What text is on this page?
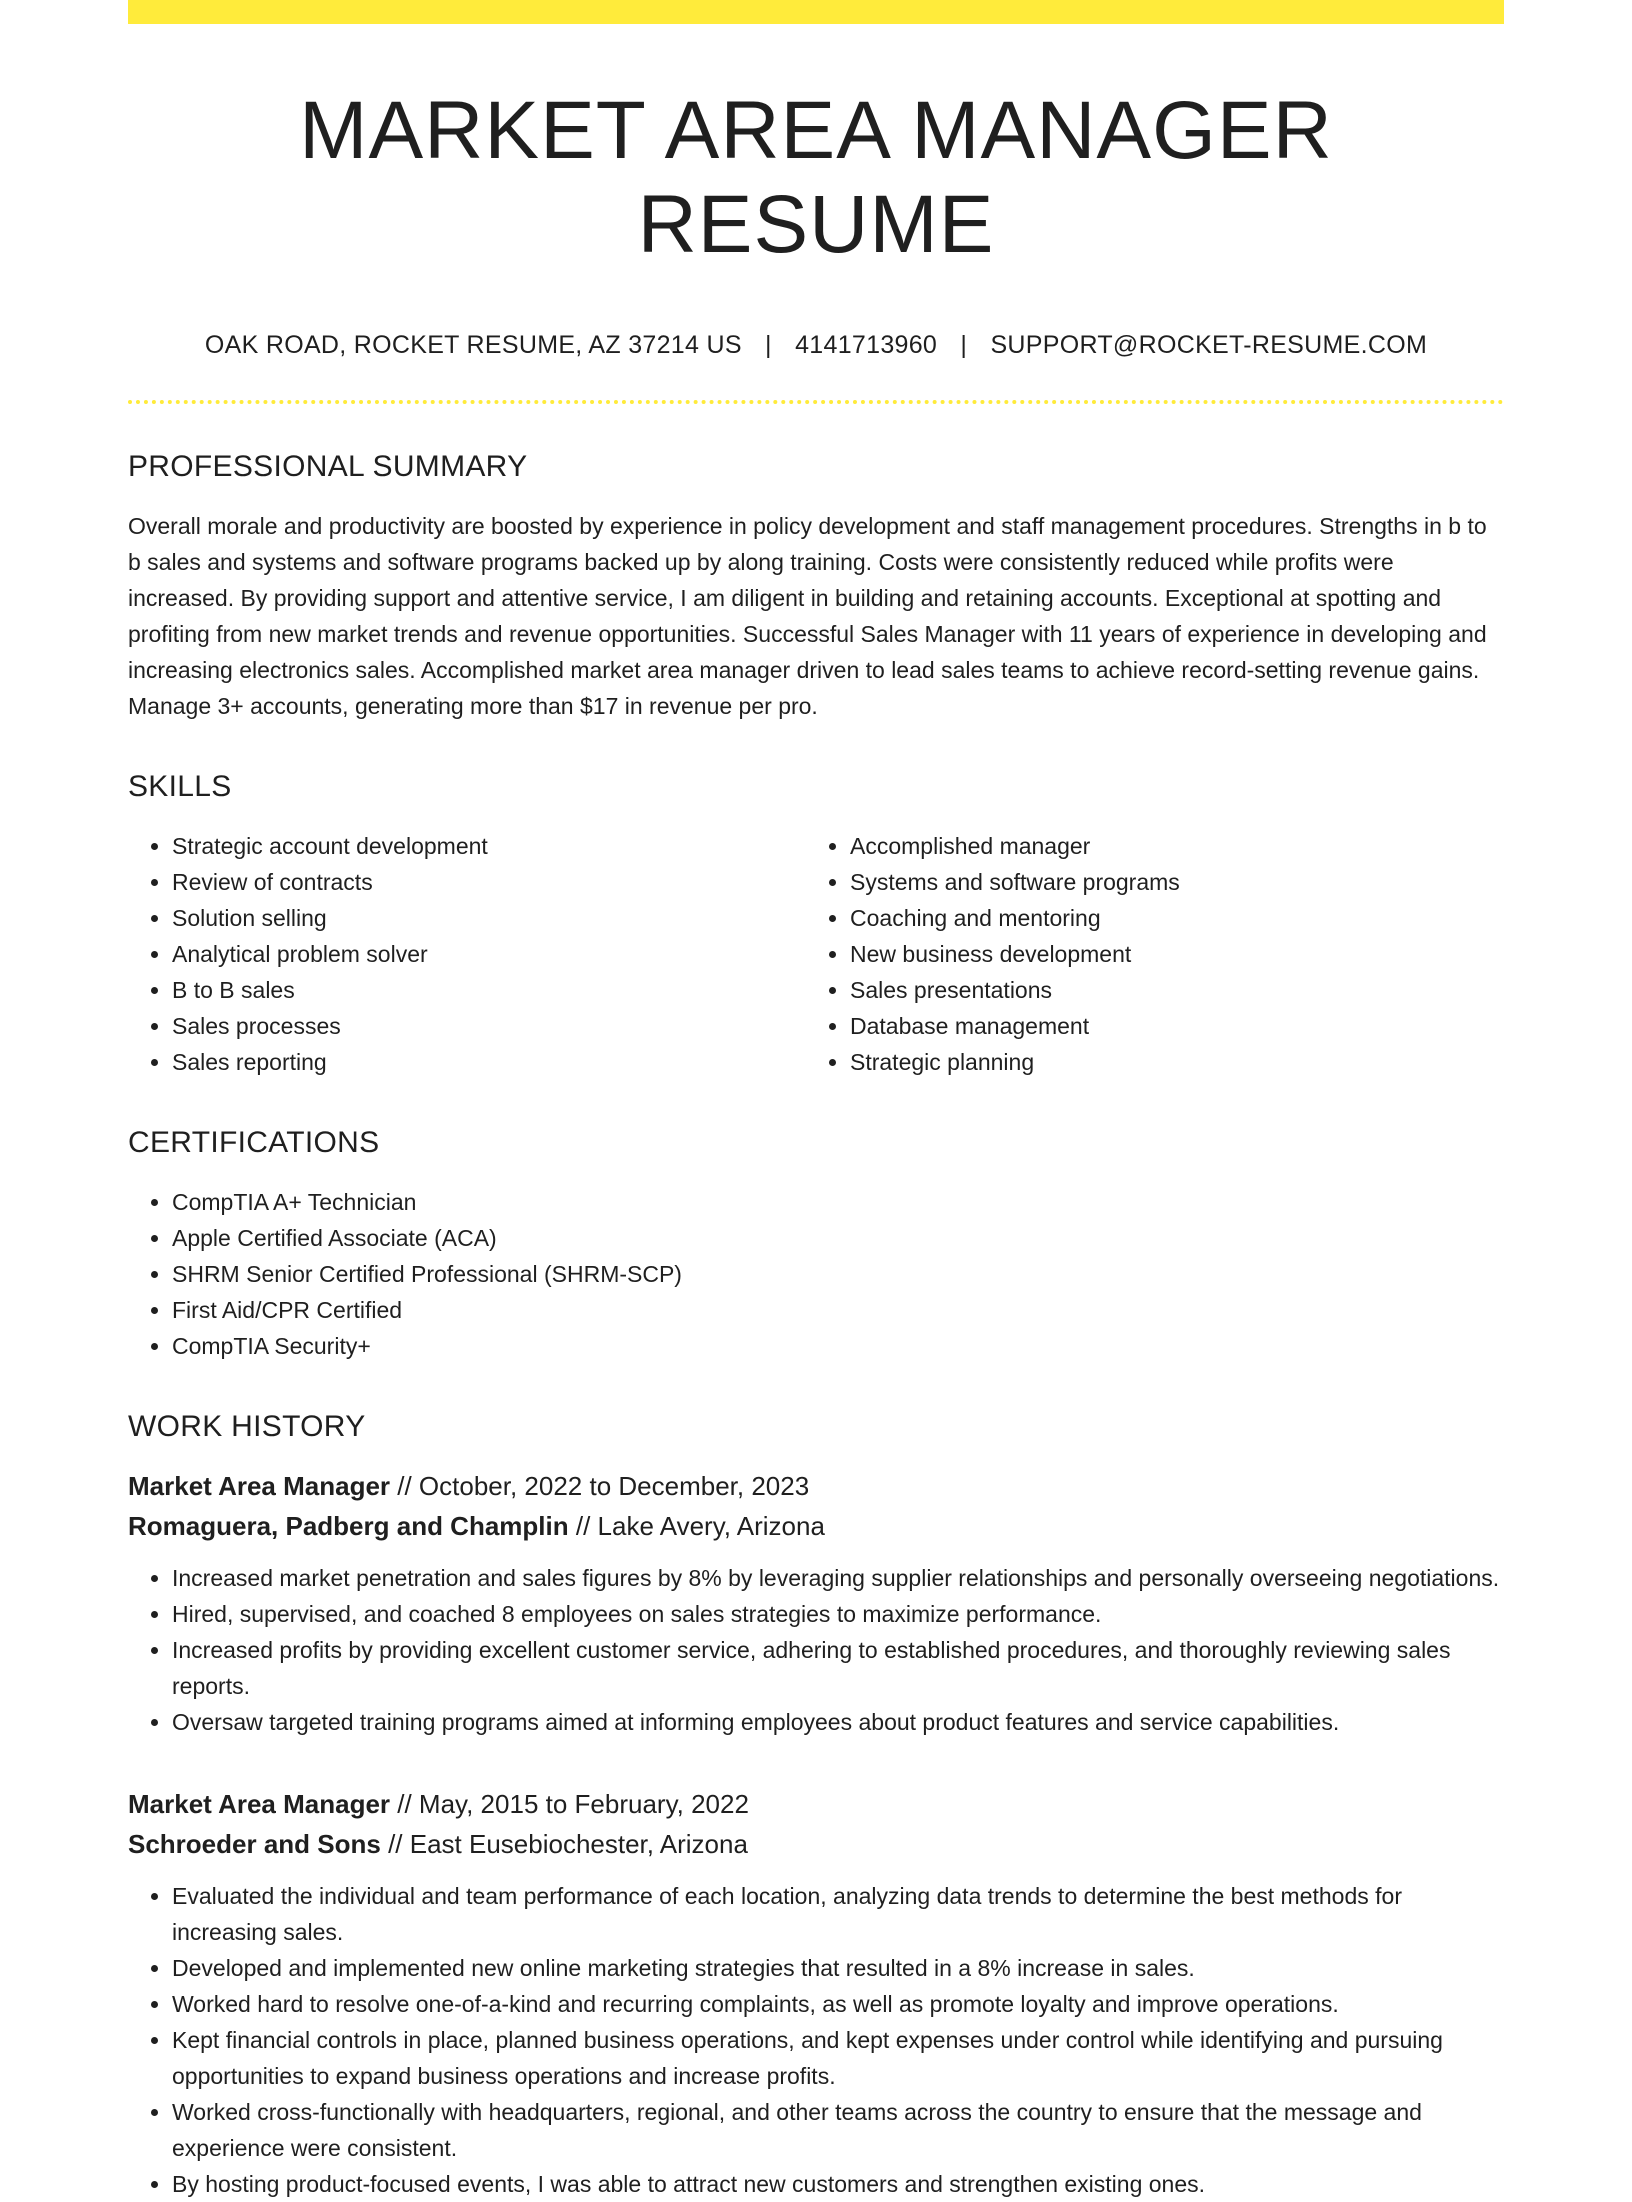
MARKET AREA MANAGER RESUME
OAK ROAD, ROCKET RESUME, AZ 37214 US | 4141713960 | SUPPORT@ROCKET-RESUME.COM
PROFESSIONAL SUMMARY

Overall morale and productivity are boosted by experience in policy development and staff management procedures. Strengths in b to b sales and systems and software programs backed up by along training. Costs were consistently reduced while profits were increased. By providing support and attentive service, I am diligent in building and retaining accounts. Exceptional at spotting and profiting from new market trends and revenue opportunities. Successful Sales Manager with 11 years of experience in developing and increasing electronics sales. Accomplished market area manager driven to lead sales teams to achieve record-setting revenue gains. Manage 3+ accounts, generating more than $17 in revenue per pro.

SKILLS
• Strategic account development
• Review of contracts
• Solution selling
• Analytical problem solver
• B to B sales
• Sales processes
• Sales reporting
• Accomplished manager
• Systems and software programs
• Coaching and mentoring
• New business development
• Sales presentations
• Database management
• Strategic planning
CERTIFICATIONS
• CompTIA A+ Technician
• Apple Certified Associate (ACA)
• SHRM Senior Certified Professional (SHRM-SCP)
• First Aid/CPR Certified
• CompTIA Security+
WORK HISTORY
Market Area Manager // October, 2022 to December, 2023
Romaguera, Padberg and Champlin // Lake Avery, Arizona
• Increased market penetration and sales figures by 8% by leveraging supplier relationships and personally overseeing negotiations.
• Hired, supervised, and coached 8 employees on sales strategies to maximize performance.
• Increased profits by providing excellent customer service, adhering to established procedures, and thoroughly reviewing sales reports.
• Oversaw targeted training programs aimed at informing employees about product features and service capabilities.
Market Area Manager // May, 2015 to February, 2022
Schroeder and Sons // East Eusebiochester, Arizona
• Evaluated the individual and team performance of each location, analyzing data trends to determine the best methods for increasing sales.
• Developed and implemented new online marketing strategies that resulted in a 8% increase in sales.
• Worked hard to resolve one-of-a-kind and recurring complaints, as well as promote loyalty and improve operations.
• Kept financial controls in place, planned business operations, and kept expenses under control while identifying and pursuing opportunities to expand business operations and increase profits.
• Worked cross-functionally with headquarters, regional, and other teams across the country to ensure that the message and experience were consistent.
• By hosting product-focused events, I was able to attract new customers and strengthen existing ones.
